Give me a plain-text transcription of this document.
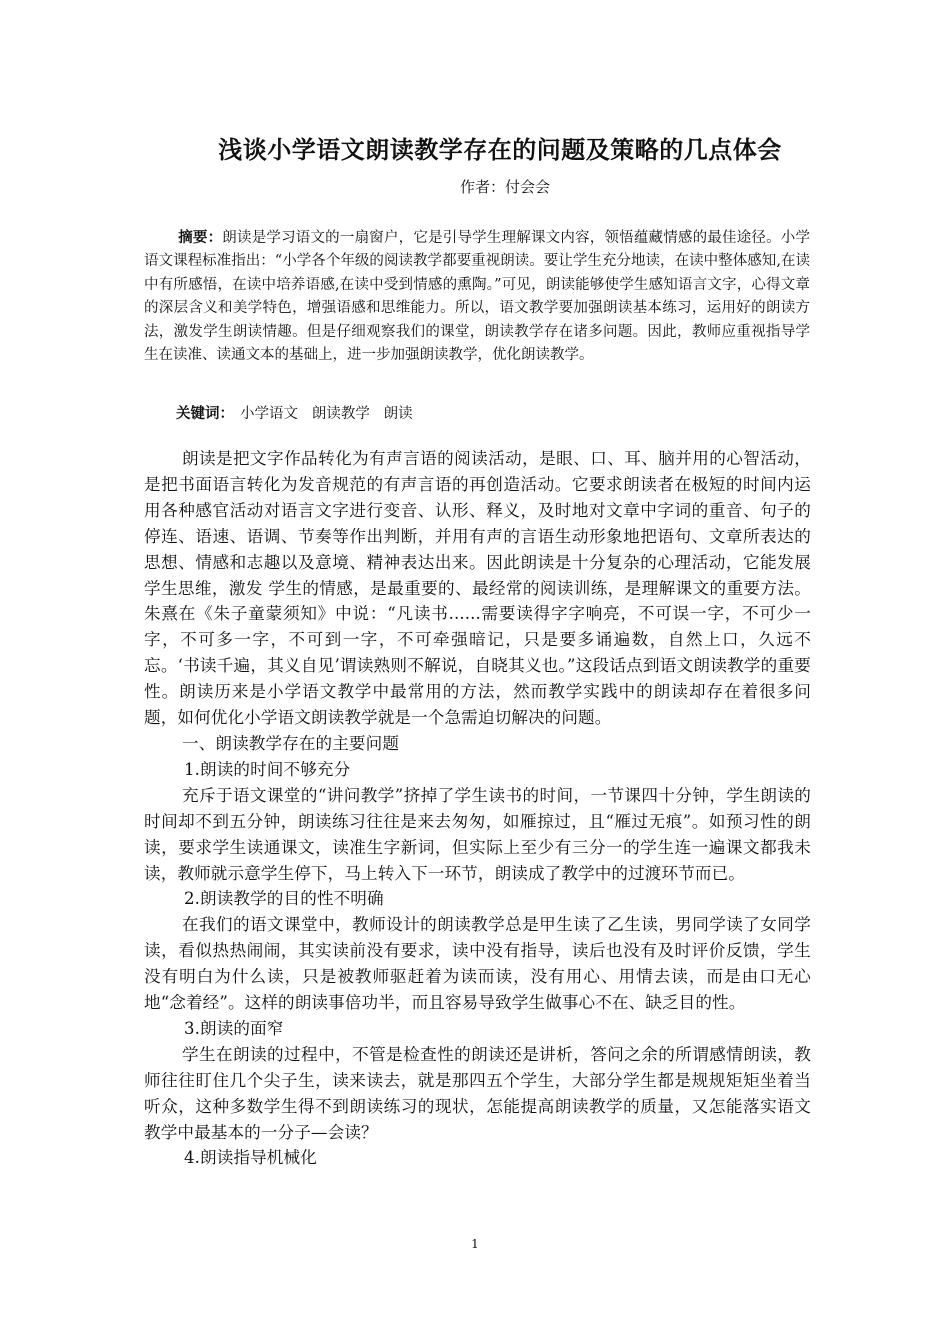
浅谈小学语文朗读教学存在的问题及策略的几点体会
作者：付会会

摘要：朗读是学习语文的一扇窗户，它是引导学生理解课文内容，领悟蕴藏情感的最佳途径。小学语文课程标准指出：“小学各个年级的阅读教学都要重视朗读。要让学生充分地读，在读中整体感知,在读中有所感悟，在读中培养语感,在读中受到情感的熏陶。”可见，朗读能够使学生感知语言文字，心得文章的深层含义和美学特色，增强语感和思维能力。所以，语文教学要加强朗读基本练习，运用好的朗读方法，激发学生朗读情趣。但是仔细观察我们的课堂，朗读教学存在诸多问题。因此，教师应重视指导学生在读准、读通文本的基础上，进一步加强朗读教学，优化朗读教学。

关键词： 小学语文   朗读教学   朗读

朗读是把文字作品转化为有声言语的阅读活动，是眼、口、耳、脑并用的心智活动，是把书面语言转化为发音规范的有声言语的再创造活动。它要求朗读者在极短的时间内运用各种感官活动对语言文字进行变音、认形、释义，及时地对文章中字词的重音、句子的停连、语速、语调、节奏等作出判断，并用有声的言语生动形象地把语句、文章所表达的思想、情感和志趣以及意境、精神表达出来。因此朗读是十分复杂的心理活动，它能发展学生思维，激发 学生的情感，是最重要的、最经常的阅读训练，是理解课文的重要方法。朱熹在《朱子童蒙须知》中说：“凡读书......需要读得字字响亮，不可误一字，不可少一字，不可多一字，不可到一字，不可牵强暗记，只是要多诵遍数，自然上口，久远不忘。‘书读千遍，其义自见’谓读熟则不解说，自晓其义也。”这段话点到语文朗读教学的重要性。朗读历来是小学语文教学中最常用的方法，然而教学实践中的朗读却存在着很多问题，如何优化小学语文朗读教学就是一个急需迫切解决的问题。

一、朗读教学存在的主要问题

1.朗读的时间不够充分

充斥于语文课堂的“讲问教学”挤掉了学生读书的时间，一节课四十分钟，学生朗读的时间却不到五分钟，朗读练习往往是来去匆匆，如雁掠过，且“雁过无痕”。如预习性的朗读，要求学生读通课文，读准生字新词，但实际上至少有三分一的学生连一遍课文都我未读，教师就示意学生停下，马上转入下一环节，朗读成了教学中的过渡环节而已。

2.朗读教学的目的性不明确

在我们的语文课堂中，教师设计的朗读教学总是甲生读了乙生读，男同学读了女同学读，看似热热闹闹，其实读前没有要求，读中没有指导，读后也没有及时评价反馈，学生没有明白为什么读，只是被教师驱赶着为读而读，没有用心、用情去读，而是由口无心地“念着经”。这样的朗读事倍功半，而且容易导致学生做事心不在、缺乏目的性。

3.朗读的面窄

学生在朗读的过程中，不管是检查性的朗读还是讲析，答问之余的所谓感情朗读，教师往往盯住几个尖子生，读来读去，就是那四五个学生，大部分学生都是规规矩矩坐着当听众，这种多数学生得不到朗读练习的现状，怎能提高朗读教学的质量，又怎能落实语文教学中最基本的一分子—会读？

4.朗读指导机械化

1
